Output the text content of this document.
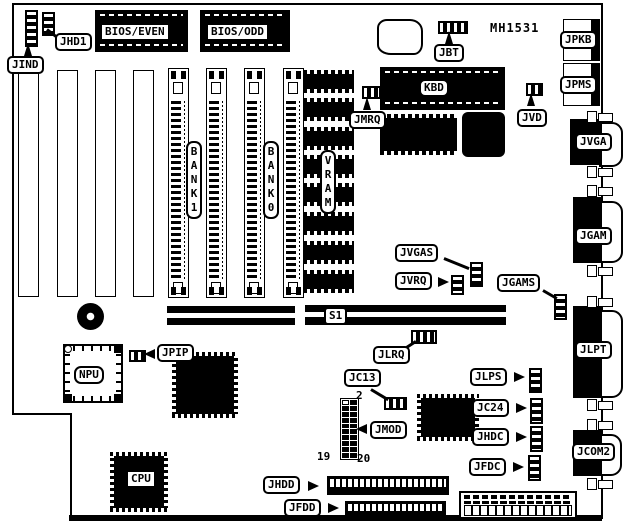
JIND
JHD1
BIOS/EVEN	BIOS/ODD
JBT
MH1531
JPKB
JPMS
BANK1
BANK0
VRAM
JMRQ
KBD
JVD
JVGA
JGAM
JLPT
JCOM2
JVGAS
JVRQ	JGAMS
S1
NPU
JPIP	JLRQ
JC13
2
19 20
JMOD
JLPS
JC24
JHDC
JFDC
CPU	JHDD
JFDD
